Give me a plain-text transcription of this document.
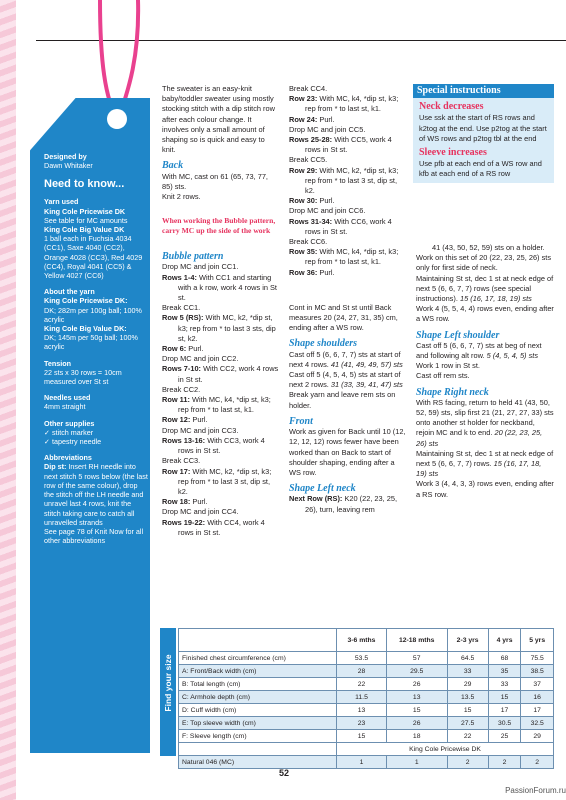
Designed by
Dawn Whitaker
Need to know...
Yarn used
King Cole Pricewise DK
See table for MC amounts
King Cole Big Value DK
1 ball each in Fuchsia 4034 (CC1), Saxe 4040 (CC2), Orange 4028 (CC3), Red 4029 (CC4), Royal 4041 (CC5) & Yellow 4027 (CC6)
About the yarn
King Cole Pricewise DK:
DK; 282m per 100g ball; 100% acrylic
King Cole Big Value DK:
DK; 145m per 50g ball; 100% acrylic
Tension
22 sts x 30 rows = 10cm measured over St st
Needles used
4mm straight
Other supplies
✓ stitch marker
✓ tapestry needle
Abbreviations
Dip st: Insert RH needle into next stitch 5 rows below (the last row of the same colour), drop the stitch off the LH needle and unravel last 4 rows, knit the stitch taking care to catch all unravelled strands
See page 78 of Knit Now for all other abbreviations
The sweater is an easy-knit baby/toddler sweater using mostly stocking stitch with a dip stitch row after each colour change. It involves only a small amount of shaping so is quick and easy to knit.
Back
With MC, cast on 61 (65, 73, 77, 85) sts.
Knit 2 rows.
When working the Bubble pattern, carry MC up the side of the work
Bubble pattern
Drop MC and join CC1.
Rows 1-4: With CC1 and starting with a k row, work 4 rows in St st.
Break CC1.
Row 5 (RS): With MC, k2, *dip st, k3; rep from * to last 3 sts, dip st, k2.
Row 6: Purl.
Drop MC and join CC2.
Rows 7-10: With CC2, work 4 rows in St st.
Break CC2.
Row 11: With MC, k4, *dip st, k3; rep from * to last st, k1.
Row 12: Purl.
Drop MC and join CC3.
Rows 13-16: With CC3, work 4 rows in St st.
Break CC3.
Row 17: With MC, k2, *dip st, k3; rep from * to last 3 st, dip st, k2.
Row 18: Purl.
Drop MC and join CC4.
Rows 19-22: With CC4, work 4 rows in St st.
Break CC4.
Row 23: With MC, k4, *dip st, k3; rep from * to last st, k1.
Row 24: Purl.
Drop MC and join CC5.
Rows 25-28: With CC5, work 4 rows in St st.
Break CC5.
Row 29: With MC, k2, *dip st, k3; rep from * to last 3 st, dip st, k2.
Row 30: Purl.
Drop MC and join CC6.
Rows 31-34: With CC6, work 4 rows in St st.
Break CC6.
Row 35: With MC, k4, *dip st, k3; rep from * to last st, k1.
Row 36: Purl.
Cont in MC and St st until Back measures 20 (24, 27, 31, 35) cm, ending after a WS row.
Shape shoulders
Cast off 5 (6, 6, 7, 7) sts at start of next 4 rows. 41 (41, 49, 49, 57) sts
Cast off 5 (4, 5, 4, 5) sts at start of next 2 rows. 31 (33, 39, 41, 47) sts
Break yarn and leave rem sts on holder.
Front
Work as given for Back until 10 (12, 12, 12, 12) rows fewer have been worked than on Back to start of shoulder shaping, ending after a WS row.
Shape Left neck
Next Row (RS): K20 (22, 23, 25, 26), turn, leaving rem
Special instructions
Neck decreases
Use ssk at the start of RS rows and k2tog at the end. Use p2tog at the start of WS rows and p2tog tbl at the end
Sleeve increases
Use pfb at each end of a WS row and kfb at each end of a RS row
41 (43, 50, 52, 59) sts on a holder.
Work on this set of 20 (22, 23, 25, 26) sts only for first side of neck.
Maintaining St st, dec 1 st at neck edge of next 5 (6, 6, 7, 7) rows (see special instructions). 15 (16, 17, 18, 19) sts
Work 4 (5, 5, 4, 4) rows even, ending after a WS row.
Shape Left shoulder
Cast off 5 (6, 6, 7, 7) sts at beg of next and following alt row. 5 (4, 5, 4, 5) sts
Work 1 row in St st.
Cast off rem sts.
Shape Right neck
With RS facing, return to held 41 (43, 50, 52, 59) sts, slip first 21 (21, 27, 27, 33) sts onto another st holder for neckband, rejoin MC and k to end. 20 (22, 23, 25, 26) sts
Maintaining St st, dec 1 st at neck edge of next 5 (6, 6, 7, 7) rows. 15 (16, 17, 18, 19) sts
Work 3 (4, 4, 3, 3) rows even, ending after a RS row.
Find your size
	3-6 mths	12-18 mths	2-3 yrs	4 yrs	5 yrs
Finished chest circumference (cm)	53.5	57	64.5	68	75.5
A: Front/Back width (cm)	28	29.5	33	35	38.5
B: Total length (cm)	22	26	29	33	37
C: Armhole depth (cm)	11.5	13	13.5	15	16
D: Cuff width (cm)	13	15	15	17	17
E: Top sleeve width (cm)	23	26	27.5	30.5	32.5
F: Sleeve length (cm)	15	18	22	25	29
	King Cole Pricewise DK				
Natural 046 (MC)	1	1	2	2	2
52
PassionForum.ru
